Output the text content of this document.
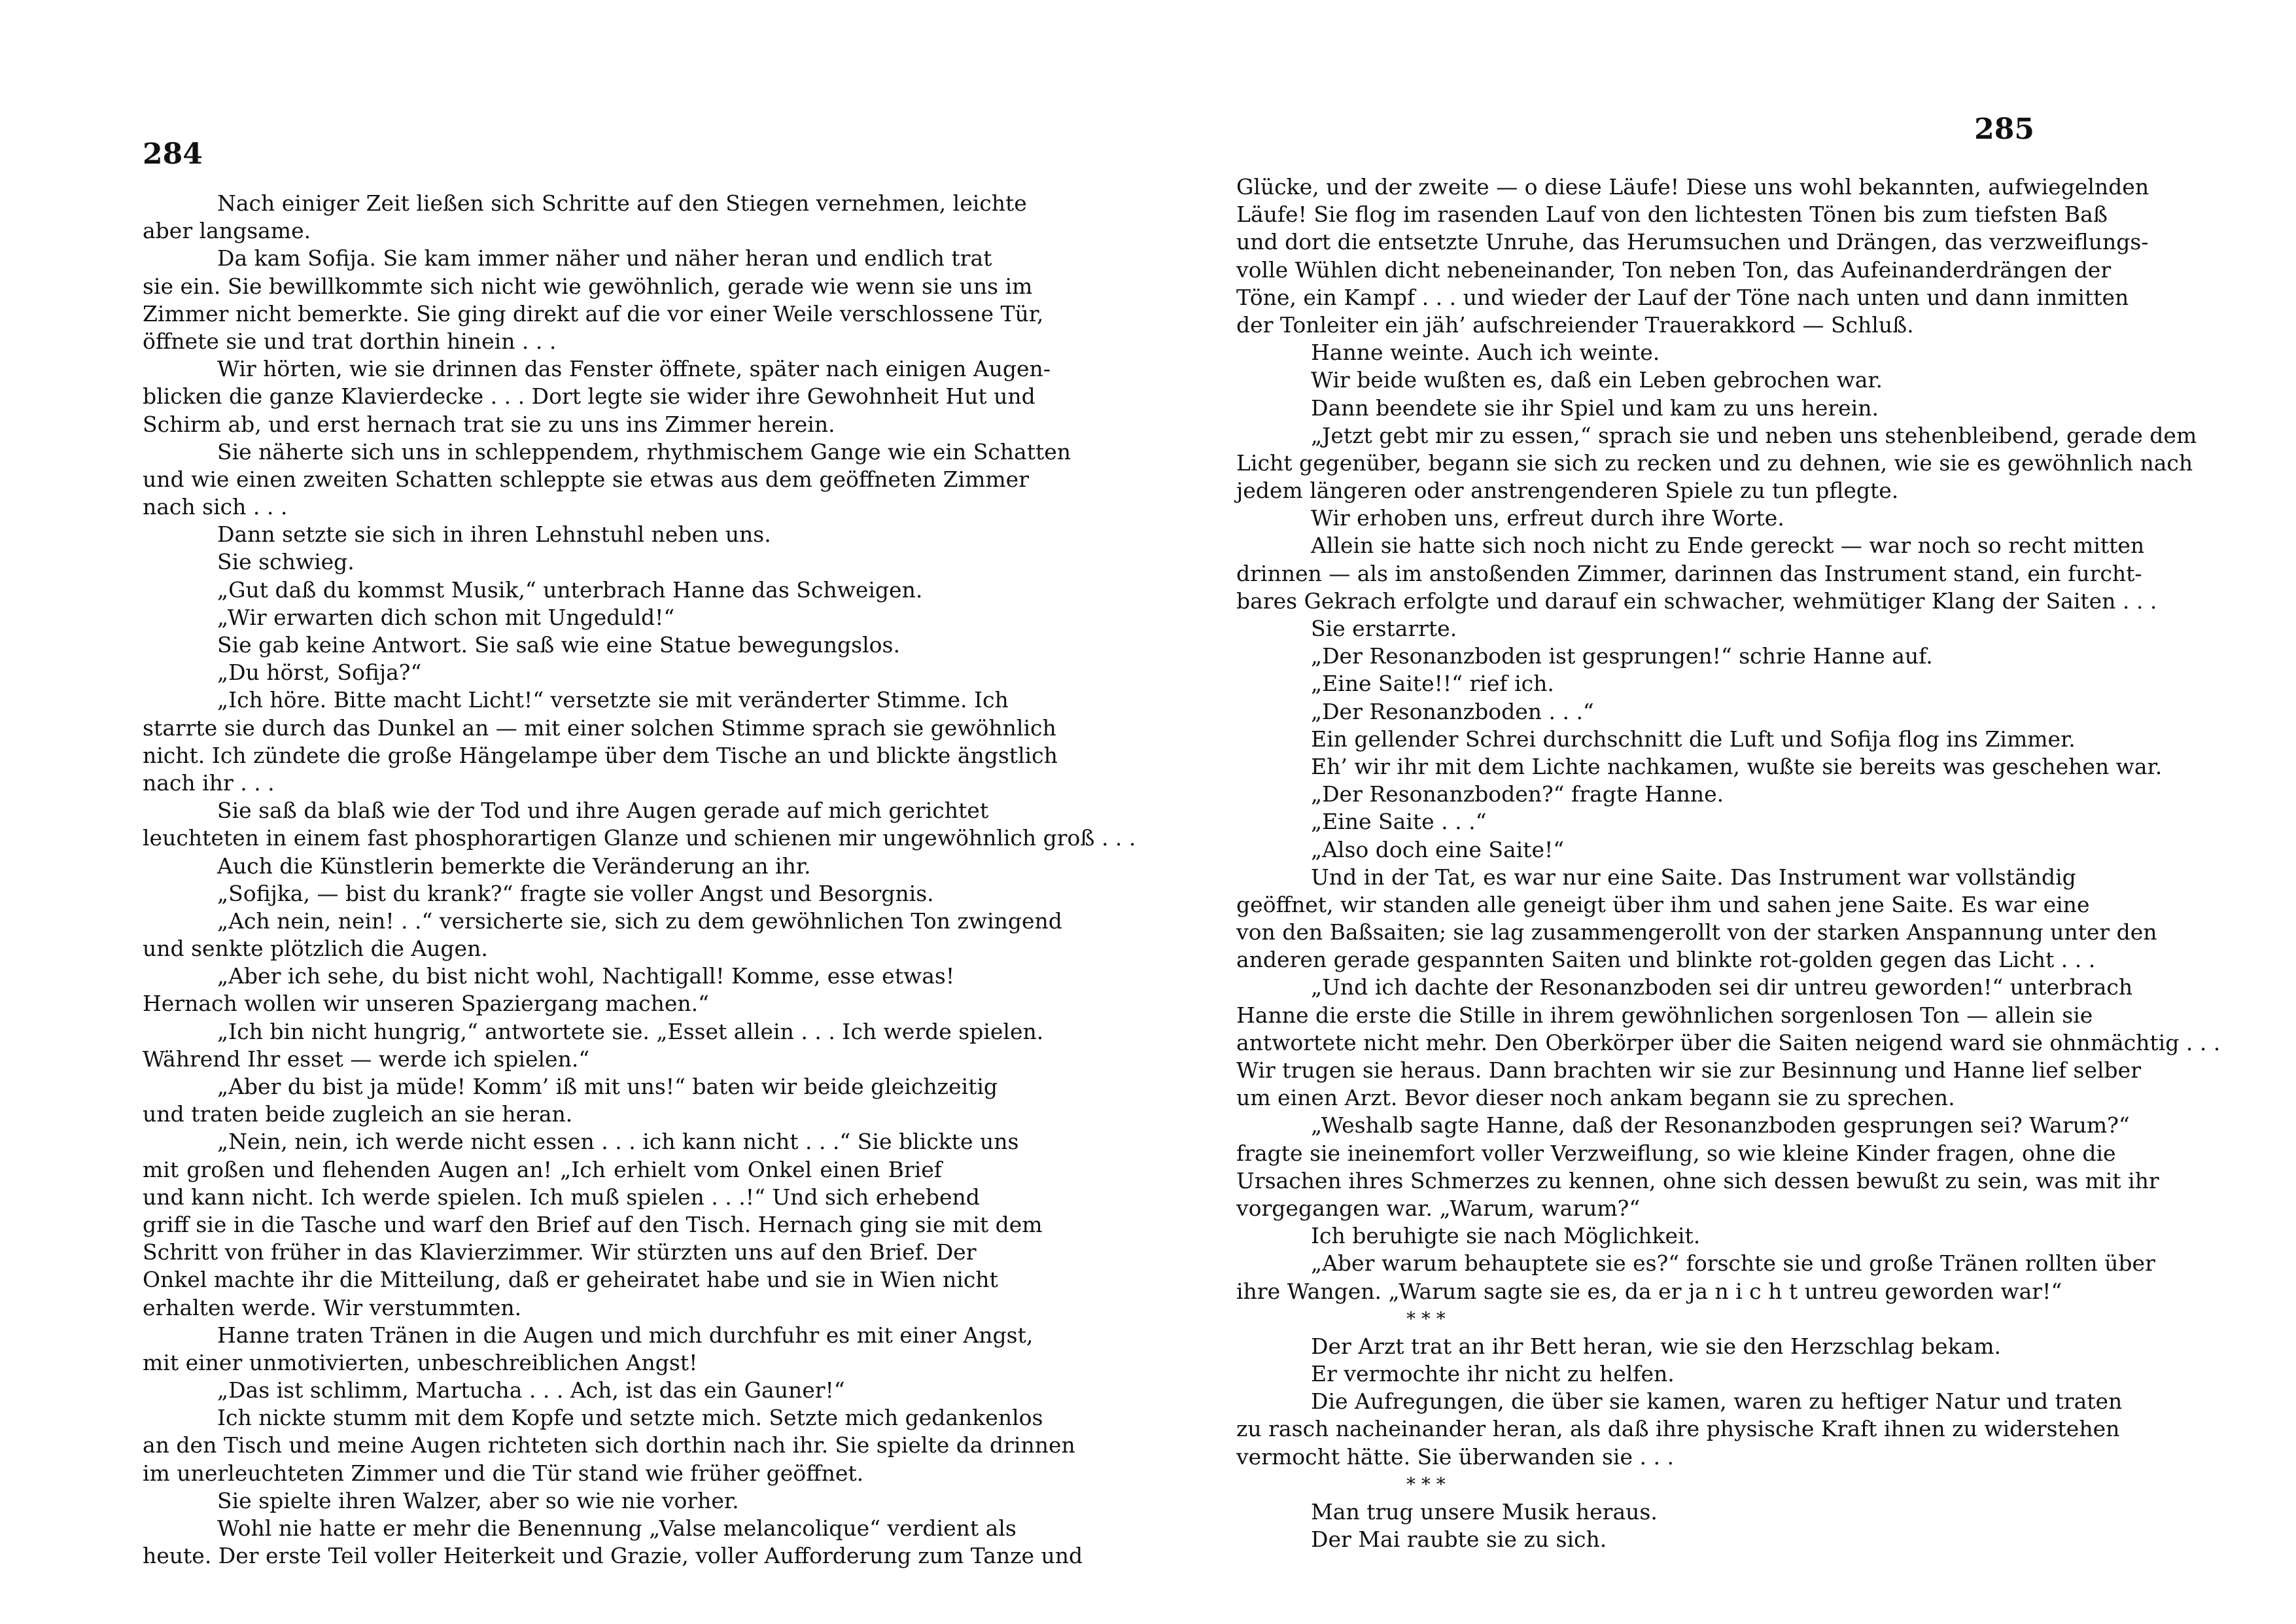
284
285
Nach einiger Zeit ließen sich Schritte auf den Stiegen vernehmen, leichte
aber langsame.
Da kam Sofija. Sie kam immer näher und näher heran und endlich trat
sie ein. Sie bewillkommte sich nicht wie gewöhnlich, gerade wie wenn sie uns im
Zimmer nicht bemerkte. Sie ging direkt auf die vor einer Weile verschlossene Tür,
öffnete sie und trat dorthin hinein . . .
Wir hörten, wie sie drinnen das Fenster öffnete, später nach einigen Augen-
blicken die ganze Klavierdecke . . . Dort legte sie wider ihre Gewohnheit Hut und
Schirm ab, und erst hernach trat sie zu uns ins Zimmer herein.
Sie näherte sich uns in schleppendem, rhythmischem Gange wie ein Schatten
und wie einen zweiten Schatten schleppte sie etwas aus dem geöffneten Zimmer
nach sich . . .
Dann setzte sie sich in ihren Lehnstuhl neben uns.
Sie schwieg.
„Gut daß du kommst Musik,“ unterbrach Hanne das Schweigen.
„Wir erwarten dich schon mit Ungeduld!“
Sie gab keine Antwort. Sie saß wie eine Statue bewegungslos.
„Du hörst, Sofija?“
„Ich höre. Bitte macht Licht!“ versetzte sie mit veränderter Stimme. Ich
starrte sie durch das Dunkel an — mit einer solchen Stimme sprach sie gewöhnlich
nicht. Ich zündete die große Hängelampe über dem Tische an und blickte ängstlich
nach ihr . . .
Sie saß da blaß wie der Tod und ihre Augen gerade auf mich gerichtet
leuchteten in einem fast phosphorartigen Glanze und schienen mir ungewöhnlich groß . . .
Auch die Künstlerin bemerkte die Veränderung an ihr.
„Sofijka, — bist du krank?“ fragte sie voller Angst und Besorgnis.
„Ach nein, nein! . .“ versicherte sie, sich zu dem gewöhnlichen Ton zwingend
und senkte plötzlich die Augen.
„Aber ich sehe, du bist nicht wohl, Nachtigall! Komme, esse etwas!
Hernach wollen wir unseren Spaziergang machen.“
„Ich bin nicht hungrig,“ antwortete sie. „Esset allein . . . Ich werde spielen.
Während Ihr esset — werde ich spielen.“
„Aber du bist ja müde! Komm’ iß mit uns!“ baten wir beide gleichzeitig
und traten beide zugleich an sie heran.
„Nein, nein, ich werde nicht essen . . . ich kann nicht . . .“ Sie blickte uns
mit großen und flehenden Augen an! „Ich erhielt vom Onkel einen Brief
und kann nicht. Ich werde spielen. Ich muß spielen . . .!“ Und sich erhebend
griff sie in die Tasche und warf den Brief auf den Tisch. Hernach ging sie mit dem
Schritt von früher in das Klavierzimmer. Wir stürzten uns auf den Brief. Der
Onkel machte ihr die Mitteilung, daß er geheiratet habe und sie in Wien nicht
erhalten werde. Wir verstummten.
Hanne traten Tränen in die Augen und mich durchfuhr es mit einer Angst,
mit einer unmotivierten, unbeschreiblichen Angst!
„Das ist schlimm, Martucha . . . Ach, ist das ein Gauner!“
Ich nickte stumm mit dem Kopfe und setzte mich. Setzte mich gedankenlos
an den Tisch und meine Augen richteten sich dorthin nach ihr. Sie spielte da drinnen
im unerleuchteten Zimmer und die Tür stand wie früher geöffnet.
Sie spielte ihren Walzer, aber so wie nie vorher.
Wohl nie hatte er mehr die Benennung „Valse melancolique“ verdient als
heute. Der erste Teil voller Heiterkeit und Grazie, voller Aufforderung zum Tanze und
Glücke, und der zweite — o diese Läufe! Diese uns wohl bekannten, aufwiegelnden
Läufe! Sie flog im rasenden Lauf von den lichtesten Tönen bis zum tiefsten Baß
und dort die entsetzte Unruhe, das Herumsuchen und Drängen, das verzweiflungs-
volle Wühlen dicht nebeneinander, Ton neben Ton, das Aufeinanderdrängen der
Töne, ein Kampf . . . und wieder der Lauf der Töne nach unten und dann inmitten
der Tonleiter ein jäh’ aufschreiender Trauerakkord — Schluß.
Hanne weinte. Auch ich weinte.
Wir beide wußten es, daß ein Leben gebrochen war.
Dann beendete sie ihr Spiel und kam zu uns herein.
„Jetzt gebt mir zu essen,“ sprach sie und neben uns stehenbleibend, gerade dem
Licht gegenüber, begann sie sich zu recken und zu dehnen, wie sie es gewöhnlich nach
jedem längeren oder anstrengenderen Spiele zu tun pflegte.
Wir erhoben uns, erfreut durch ihre Worte.
Allein sie hatte sich noch nicht zu Ende gereckt — war noch so recht mitten
drinnen — als im anstoßenden Zimmer, darinnen das Instrument stand, ein furcht-
bares Gekrach erfolgte und darauf ein schwacher, wehmütiger Klang der Saiten . . .
Sie erstarrte.
„Der Resonanzboden ist gesprungen!“ schrie Hanne auf.
„Eine Saite!!“ rief ich.
„Der Resonanzboden . . .“
Ein gellender Schrei durchschnitt die Luft und Sofija flog ins Zimmer.
Eh’ wir ihr mit dem Lichte nachkamen, wußte sie bereits was geschehen war.
„Der Resonanzboden?“ fragte Hanne.
„Eine Saite . . .“
„Also doch eine Saite!“
Und in der Tat, es war nur eine Saite. Das Instrument war vollständig
geöffnet, wir standen alle geneigt über ihm und sahen jene Saite. Es war eine
von den Baßsaiten; sie lag zusammengerollt von der starken Anspannung unter den
anderen gerade gespannten Saiten und blinkte rot-golden gegen das Licht . . .
„Und ich dachte der Resonanzboden sei dir untreu geworden!“ unterbrach
Hanne die erste die Stille in ihrem gewöhnlichen sorgenlosen Ton — allein sie
antwortete nicht mehr. Den Oberkörper über die Saiten neigend ward sie ohnmächtig . . .
Wir trugen sie heraus. Dann brachten wir sie zur Besinnung und Hanne lief selber
um einen Arzt. Bevor dieser noch ankam begann sie zu sprechen.
„Weshalb sagte Hanne, daß der Resonanzboden gesprungen sei? Warum?“
fragte sie ineinemfort voller Verzweiflung, so wie kleine Kinder fragen, ohne die
Ursachen ihres Schmerzes zu kennen, ohne sich dessen bewußt zu sein, was mit ihr
vorgegangen war. „Warum, warum?“
Ich beruhigte sie nach Möglichkeit.
„Aber warum behauptete sie es?“ forschte sie und große Tränen rollten über
ihre Wangen. „Warum sagte sie es, da er ja n i c h t untreu geworden war!“
* * *
Der Arzt trat an ihr Bett heran, wie sie den Herzschlag bekam.
Er vermochte ihr nicht zu helfen.
Die Aufregungen, die über sie kamen, waren zu heftiger Natur und traten
zu rasch nacheinander heran, als daß ihre physische Kraft ihnen zu widerstehen
vermocht hätte. Sie überwanden sie . . .
* * *
Man trug unsere Musik heraus.
Der Mai raubte sie zu sich.
